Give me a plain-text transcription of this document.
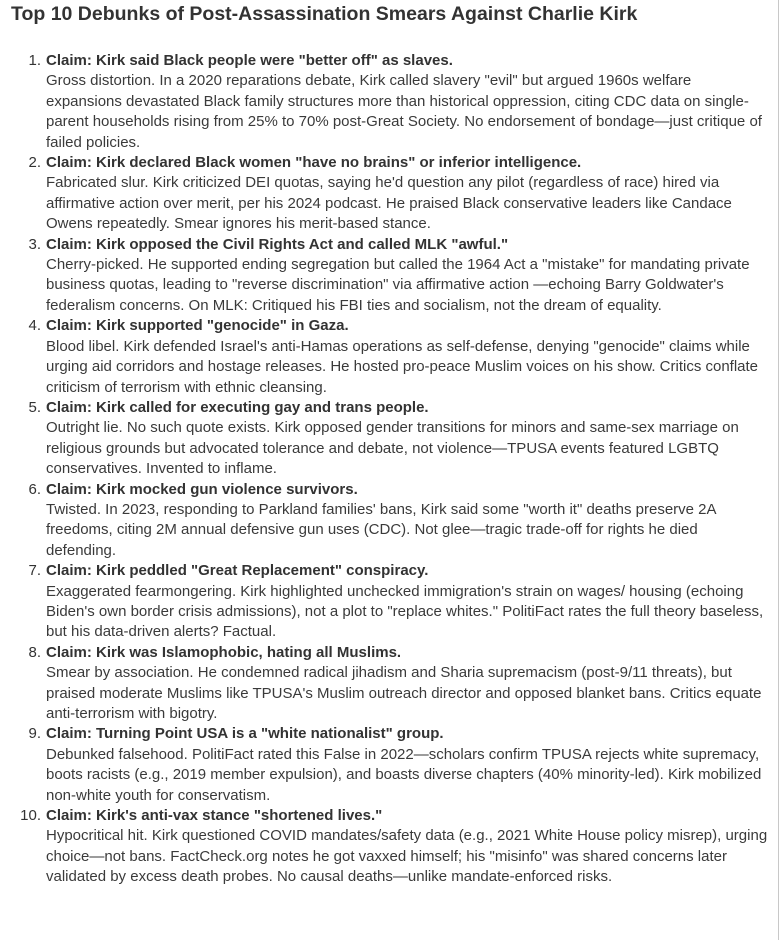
Top 10 Debunks of Post-Assassination Smears Against Charlie Kirk
1. Claim: Kirk said Black people were "better off" as slaves.
Gross distortion. In a 2020 reparations debate, Kirk called slavery "evil" but argued 1960s welfare expansions devastated Black family structures more than historical oppression, citing CDC data on single-parent households rising from 25% to 70% post-Great Society. No endorsement of bondage—just critique of failed policies.
2. Claim: Kirk declared Black women "have no brains" or inferior intelligence.
Fabricated slur. Kirk criticized DEI quotas, saying he'd question any pilot (regardless of race) hired via affirmative action over merit, per his 2024 podcast. He praised Black conservative leaders like Candace Owens repeatedly. Smear ignores his merit-based stance.
3. Claim: Kirk opposed the Civil Rights Act and called MLK "awful."
Cherry-picked. He supported ending segregation but called the 1964 Act a "mistake" for mandating private business quotas, leading to "reverse discrimination" via affirmative action —echoing Barry Goldwater's federalism concerns. On MLK: Critiqued his FBI ties and socialism, not the dream of equality.
4. Claim: Kirk supported "genocide" in Gaza.
Blood libel. Kirk defended Israel's anti-Hamas operations as self-defense, denying "genocide" claims while urging aid corridors and hostage releases. He hosted pro-peace Muslim voices on his show. Critics conflate criticism of terrorism with ethnic cleansing.
5. Claim: Kirk called for executing gay and trans people.
Outright lie. No such quote exists. Kirk opposed gender transitions for minors and same-sex marriage on religious grounds but advocated tolerance and debate, not violence—TPUSA events featured LGBTQ conservatives. Invented to inflame.
6. Claim: Kirk mocked gun violence survivors.
Twisted. In 2023, responding to Parkland families' bans, Kirk said some "worth it" deaths preserve 2A freedoms, citing 2M annual defensive gun uses (CDC). Not glee—tragic trade-off for rights he died defending.
7. Claim: Kirk peddled "Great Replacement" conspiracy.
Exaggerated fearmongering. Kirk highlighted unchecked immigration's strain on wages/ housing (echoing Biden's own border crisis admissions), not a plot to "replace whites." PolitiFact rates the full theory baseless, but his data-driven alerts? Factual.
8. Claim: Kirk was Islamophobic, hating all Muslims.
Smear by association. He condemned radical jihadism and Sharia supremacism (post-9/11 threats), but praised moderate Muslims like TPUSA's Muslim outreach director and opposed blanket bans. Critics equate anti-terrorism with bigotry.
9. Claim: Turning Point USA is a "white nationalist" group.
Debunked falsehood. PolitiFact rated this False in 2022—scholars confirm TPUSA rejects white supremacy, boots racists (e.g., 2019 member expulsion), and boasts diverse chapters (40% minority-led). Kirk mobilized non-white youth for conservatism.
10. Claim: Kirk's anti-vax stance "shortened lives."
Hypocritical hit. Kirk questioned COVID mandates/safety data (e.g., 2021 White House policy misrep), urging choice—not bans. FactCheck.org notes he got vaxxed himself; his "misinfo" was shared concerns later validated by excess death probes. No causal deaths—unlike mandate-enforced risks.
